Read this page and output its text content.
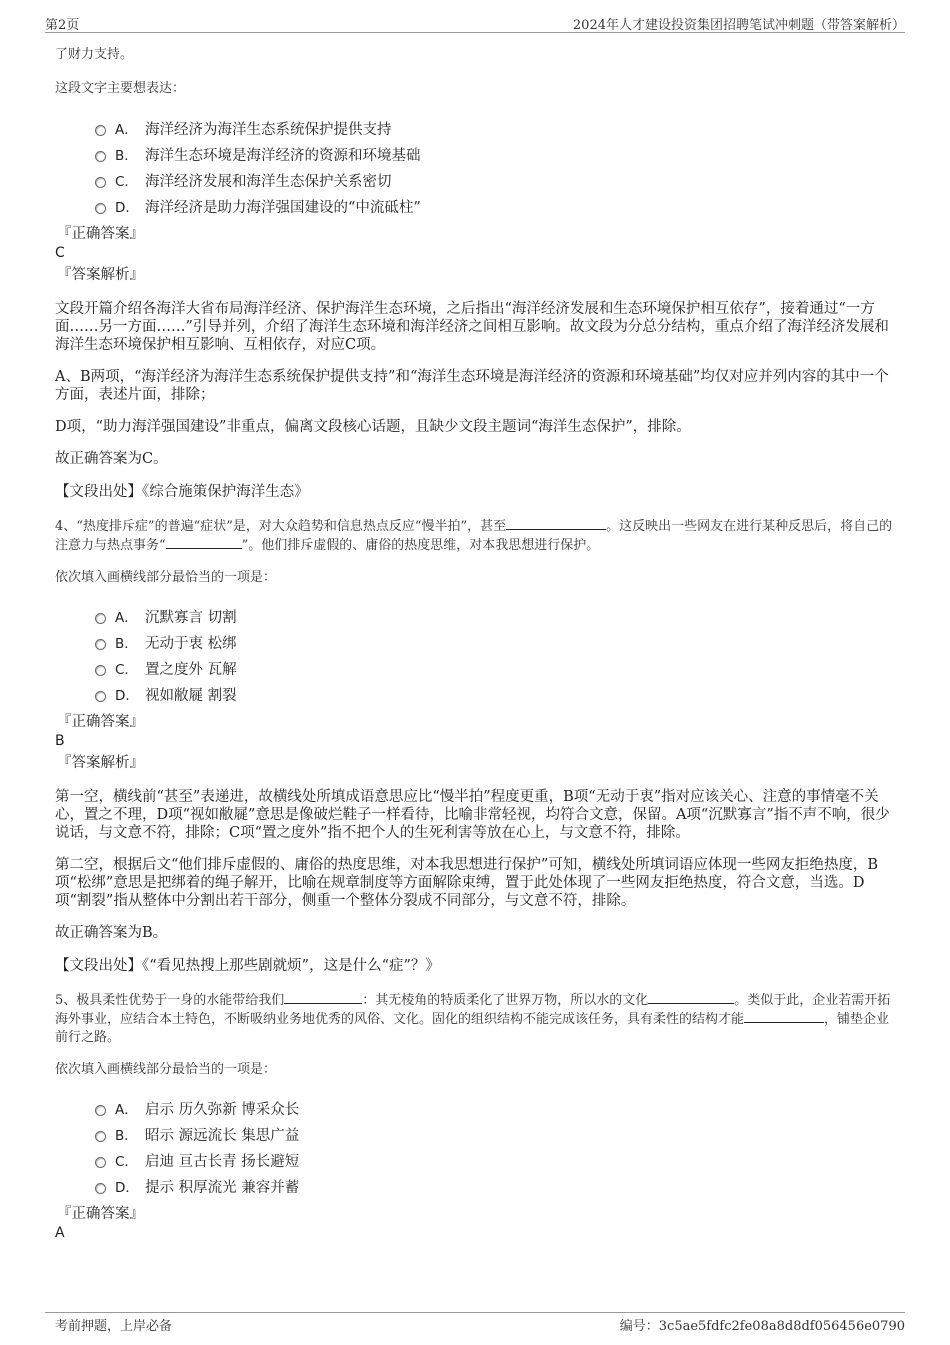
第2页	2024年人才建设投资集团招聘笔试冲刺题（带答案解析）

了财力支持。

这段文字主要想表达：

A． 海洋经济为海洋生态系统保护提供支持
B． 海洋生态环境是海洋经济的资源和环境基础
C． 海洋经济发展和海洋生态保护关系密切
D． 海洋经济是助力海洋强国建设的“中流砥柱”

『正确答案』

C

『答案解析』

文段开篇介绍各海洋大省布局海洋经济、保护海洋生态环境，之后指出“海洋经济发展和生态环境保护相互依存”，接着通过“一方面……另一方面……”引导并列，介绍了海洋生态环境和海洋经济之间相互影响。故文段为分总分结构，重点介绍了海洋经济发展和海洋生态环境保护相互影响、互相依存，对应C项。

A、B两项，“海洋经济为海洋生态系统保护提供支持”和“海洋生态环境是海洋经济的资源和环境基础”均仅对应并列内容的其中一个方面，表述片面，排除；

D项，“助力海洋强国建设”非重点，偏离文段核心话题，且缺少文段主题词“海洋生态保护”，排除。

故正确答案为C。

【文段出处】《综合施策保护海洋生态》

4、“热度排斥症”的普遍“症状”是，对大众趋势和信息热点反应“慢半拍”，甚至	。这反映出一些网友在进行某种反思后，将自己的注意力与热点事务“	”。他们排斥虚假的、庸俗的热度思维，对本我思想进行保护。

依次填入画横线部分最恰当的一项是：

A． 沉默寡言 切割
B． 无动于衷 松绑
C． 置之度外 瓦解
D． 视如敝屣 割裂

『正确答案』

B

『答案解析』

第一空，横线前“甚至”表递进，故横线处所填成语意思应比“慢半拍”程度更重，B项“无动于衷”指对应该关心、注意的事情毫不关心，置之不理，D项“视如敝屣”意思是像破烂鞋子一样看待，比喻非常轻视，均符合文意，保留。A项“沉默寡言”指不声不响，很少说话，与文意不符，排除；C项“置之度外”指不把个人的生死利害等放在心上，与文意不符，排除。

第二空，根据后文“他们排斥虚假的、庸俗的热度思维，对本我思想进行保护”可知，横线处所填词语应体现一些网友拒绝热度，B项“松绑”意思是把绑着的绳子解开，比喻在规章制度等方面解除束缚，置于此处体现了一些网友拒绝热度，符合文意，当选。D项“割裂”指从整体中分割出若干部分，侧重一个整体分裂成不同部分，与文意不符，排除。

故正确答案为B。

【文段出处】《“看见热搜上那些剧就烦”，这是什么“症”？》

5、极具柔性优势于一身的水能带给我们	：其无棱角的特质柔化了世界万物，所以水的文化	。类似于此，企业若需开拓海外事业，应结合本土特色，不断吸纳业务地优秀的风俗、文化。固化的组织结构不能完成该任务，具有柔性的结构才能	，铺垫企业前行之路。

依次填入画横线部分最恰当的一项是：

A． 启示 历久弥新 博采众长
B． 昭示 源远流长 集思广益
C． 启迪 亘古长青 扬长避短
D． 提示 积厚流光 兼容并蓄

『正确答案』

A

考前押题，上岸必备	编号：3c5ae5fdfc2fe08a8d8df056456e0790
